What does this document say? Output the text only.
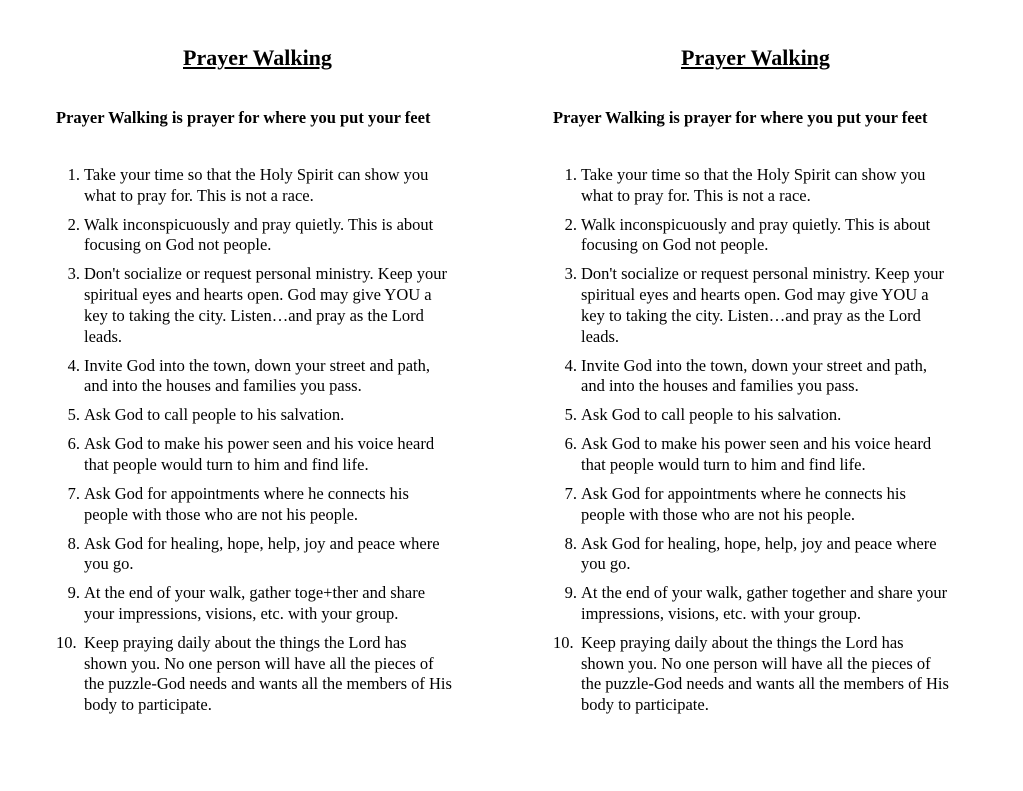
Prayer Walking
Prayer Walking is prayer for where you put your feet
1. Take your time so that the Holy Spirit can show you
what to pray for. This is not a race.
2. Walk inconspicuously and pray quietly. This is about
focusing on God not people.
3. Don't socialize or request personal ministry. Keep your
spiritual eyes and hearts open. God may give YOU a
key to taking the city. Listen…and pray as the Lord
leads.
4. Invite God into the town, down your street and path,
and into the houses and families you pass.
5. Ask God to call people to his salvation.
6. Ask God to make his power seen and his voice heard
that people would turn to him and find life.
7. Ask God for appointments where he connects his
people with those who are not his people.
8. Ask God for healing, hope, help, joy and peace where
you go.
9. At the end of your walk, gather toge+ther and share
your impressions, visions, etc. with your group.
10. Keep praying daily about the things the Lord has
shown you. No one person will have all the pieces of
the puzzle-God needs and wants all the members of His
body to participate.
Prayer Walking
Prayer Walking is prayer for where you put your feet
1. Take your time so that the Holy Spirit can show you
what to pray for. This is not a race.
2. Walk inconspicuously and pray quietly. This is about
focusing on God not people.
3. Don't socialize or request personal ministry. Keep your
spiritual eyes and hearts open. God may give YOU a
key to taking the city. Listen…and pray as the Lord
leads.
4. Invite God into the town, down your street and path,
and into the houses and families you pass.
5. Ask God to call people to his salvation.
6. Ask God to make his power seen and his voice heard
that people would turn to him and find life.
7. Ask God for appointments where he connects his
people with those who are not his people.
8. Ask God for healing, hope, help, joy and peace where
you go.
9. At the end of your walk, gather together and share your
impressions, visions, etc. with your group.
10. Keep praying daily about the things the Lord has
shown you. No one person will have all the pieces of
the puzzle-God needs and wants all the members of His
body to participate.
